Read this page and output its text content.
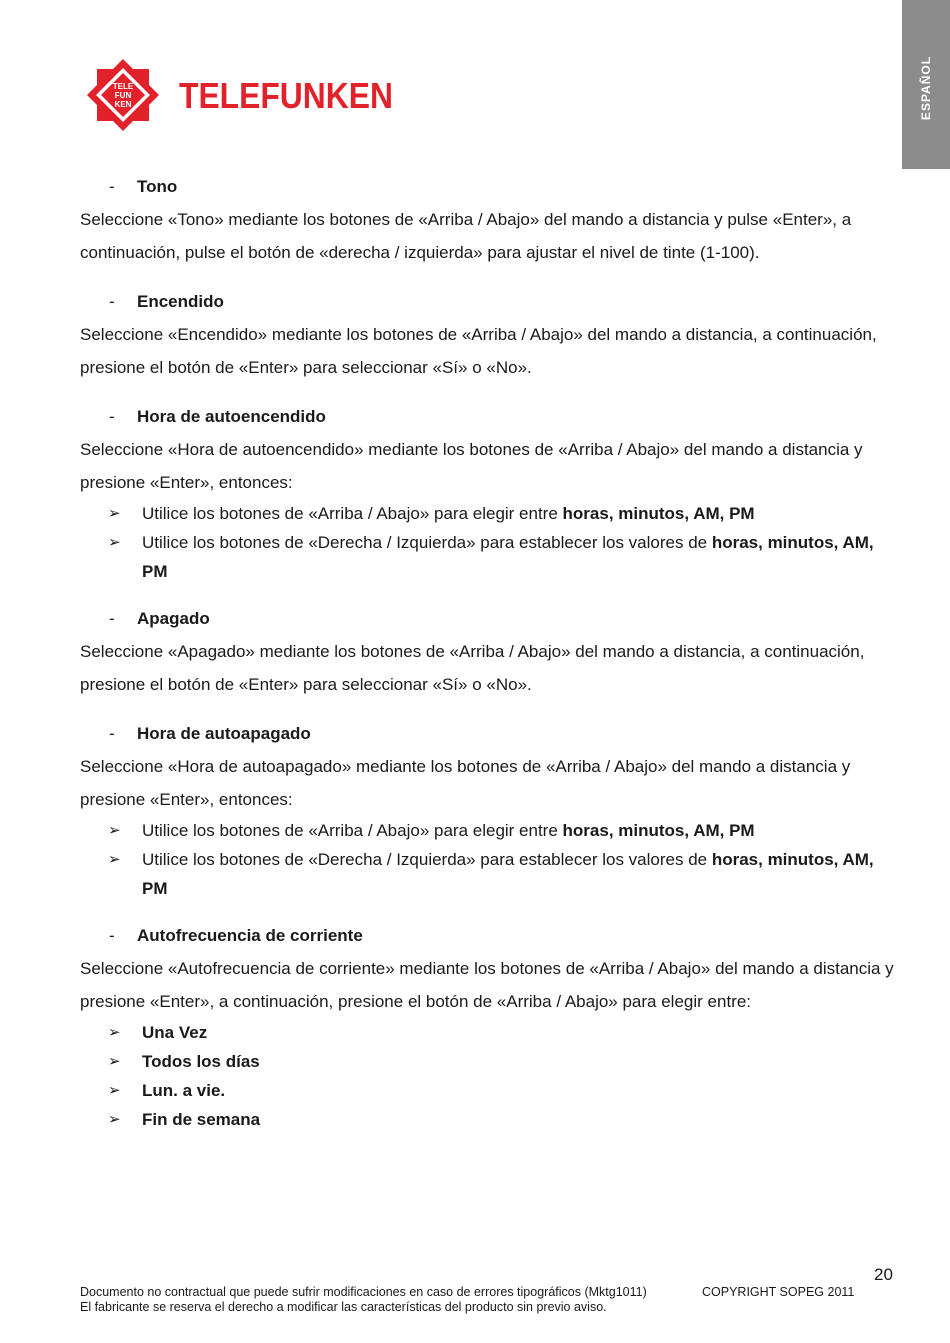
ESPAÑOL
TELE
FUN
KEN TELEFUNKEN
- Tono
Seleccione «Tono» mediante los botones de «Arriba / Abajo» del mando a distancia y pulse «Enter», a continuación, pulse el botón de «derecha / izquierda» para ajustar el nivel de tinte (1-100).
- Encendido
Seleccione «Encendido» mediante los botones de «Arriba / Abajo» del mando a distancia, a continuación, presione el botón de «Enter» para seleccionar «Sí» o «No».
- Hora de autoencendido
Seleccione «Hora de autoencendido» mediante los botones de «Arriba / Abajo» del mando a distancia y presione «Enter», entonces:
➢ Utilice los botones de «Arriba / Abajo» para elegir entre horas, minutos, AM, PM
➢ Utilice los botones de «Derecha / Izquierda» para establecer los valores de horas, minutos, AM, PM
- Apagado
Seleccione «Apagado» mediante los botones de «Arriba / Abajo» del mando a distancia, a continuación, presione el botón de «Enter» para seleccionar «Sí» o «No».
- Hora de autoapagado
Seleccione «Hora de autoapagado» mediante los botones de «Arriba / Abajo» del mando a distancia y presione «Enter», entonces:
➢ Utilice los botones de «Arriba / Abajo» para elegir entre horas, minutos, AM, PM
➢ Utilice los botones de «Derecha / Izquierda» para establecer los valores de horas, minutos, AM, PM
- Autofrecuencia de corriente
Seleccione «Autofrecuencia de corriente» mediante los botones de «Arriba / Abajo» del mando a distancia y presione «Enter», a continuación, presione el botón de «Arriba / Abajo» para elegir entre:
➢ Una Vez
➢ Todos los días
➢ Lun. a vie.
➢ Fin de semana
20
Documento no contractual que puede sufrir modificaciones en caso de errores tipográficos (Mktg1011)
El fabricante se reserva el derecho a modificar las características del producto sin previo aviso.
COPYRIGHT SOPEG 2011
